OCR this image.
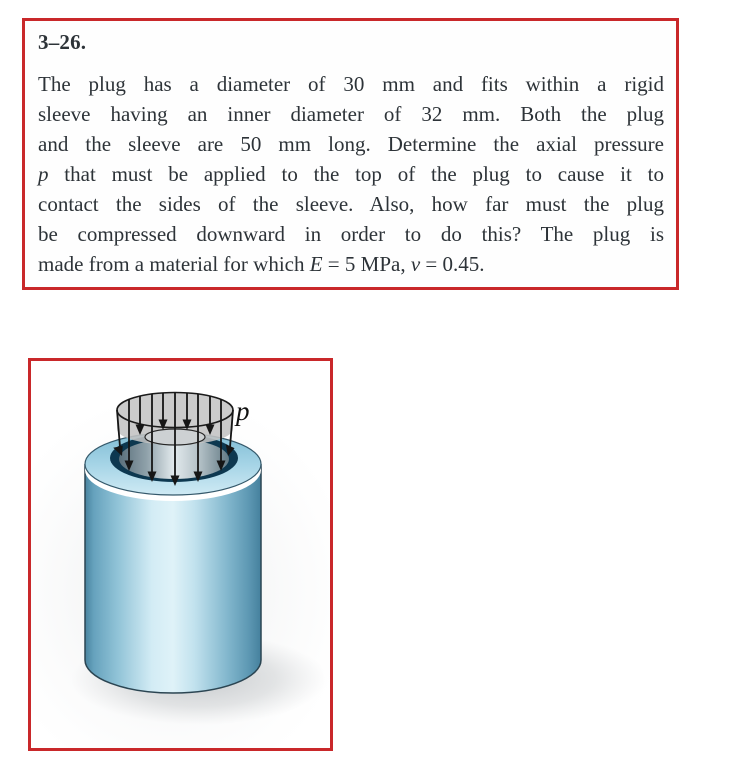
3–26.
The plug has a diameter of 30 mm and fits within a rigid
sleeve having an inner diameter of 32 mm. Both the plug
and the sleeve are 50 mm long. Determine the axial pressure
p that must be applied to the top of the plug to cause it to
contact the sides of the sleeve. Also, how far must the plug
be compressed downward in order to do this? The plug is
made from a material for which E = 5 MPa, ν = 0.45.
p
